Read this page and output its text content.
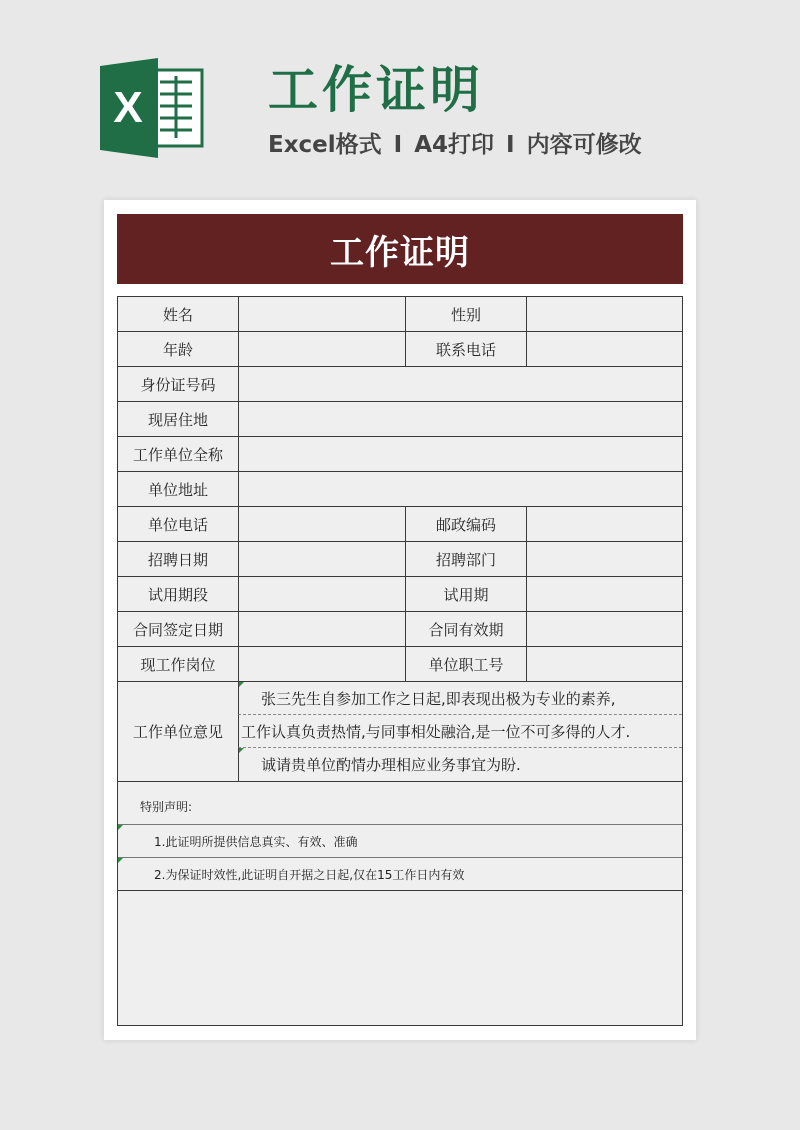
X	工作证明
Excel格式 I A4打印 I 内容可修改
工作证明
姓名	性别
年龄	联系电话
身份证号码
现居住地
工作单位全称
单位地址
单位电话	邮政编码
招聘日期	招聘部门
试用期段	试用期
合同签定日期	合同有效期
现工作岗位	单位职工号
工作单位意见
张三先生自参加工作之日起,即表现出极为专业的素养,
工作认真负责热情,与同事相处融洽,是一位不可多得的人才.
诚请贵单位酌情办理相应业务事宜为盼.
特别声明:
1.此证明所提供信息真实、有效、准确
2.为保证时效性,此证明自开据之日起,仅在15工作日内有效
